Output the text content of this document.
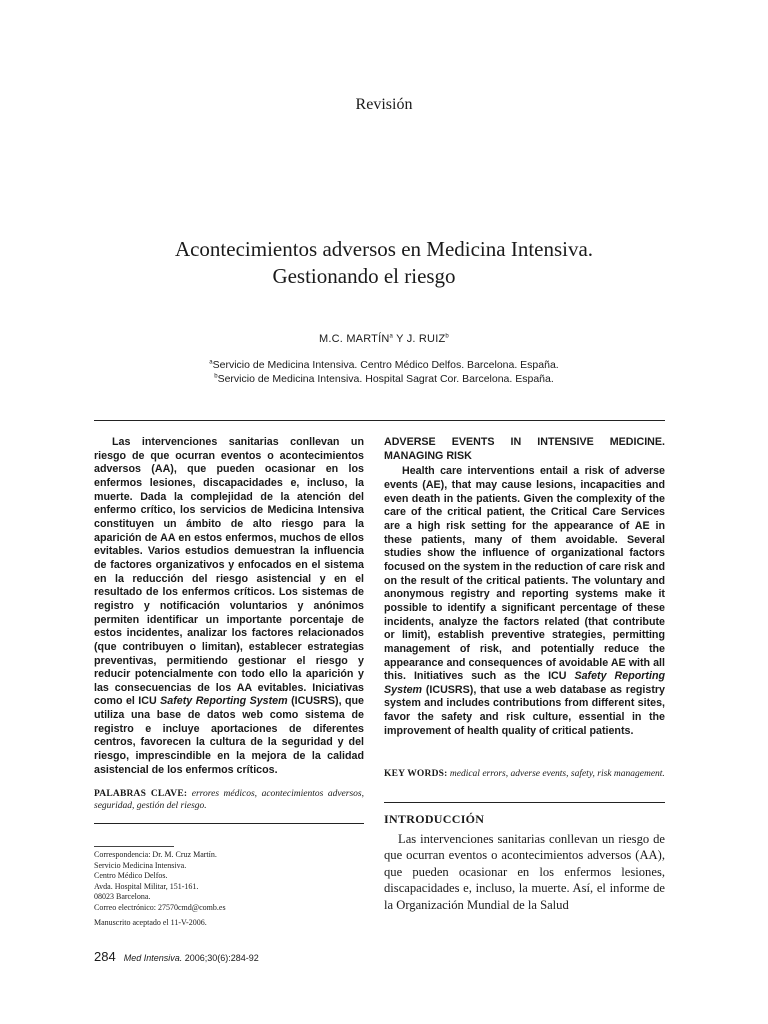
Revisión
Acontecimientos adversos en Medicina Intensiva.
Gestionando el riesgo
M.C. MARTÍN$^a$ Y J. RUIZ$^b$
$^a$Servicio de Medicina Intensiva. Centro Médico Delfos. Barcelona. España.
$^b$Servicio de Medicina Intensiva. Hospital Sagrat Cor. Barcelona. España.

Las intervenciones sanitarias conllevan un riesgo de que ocurran eventos o acontecimientos adversos (AA), que pueden ocasionar en los enfermos lesiones, discapacidades e, incluso, la muerte. Dada la complejidad de la atención del enfermo crítico, los servicios de Medicina Intensiva constituyen un ámbito de alto riesgo para la aparición de AA en estos enfermos, muchos de ellos evitables. Varios estudios demuestran la influencia de factores organizativos y enfocados en el sistema en la reducción del riesgo asistencial y en el resultado de los enfermos críticos. Los sistemas de registro y notificación voluntarios y anónimos permiten identificar un importante porcentaje de estos incidentes, analizar los factores relacionados (que contribuyen o limitan), establecer estrategias preventivas, permitiendo gestionar el riesgo y reducir potencialmente con todo ello la aparición y las consecuencias de los AA evitables. Iniciativas como el ICU Safety Reporting System (ICUSRS), que utiliza una base de datos web como sistema de registro e incluye aportaciones de diferentes centros, favorecen la cultura de la seguridad y del riesgo, imprescindible en la mejora de la calidad asistencial de los enfermos críticos.

PALABRAS CLAVE: errores médicos, acontecimientos adversos, seguridad, gestión del riesgo.

ADVERSE EVENTS IN INTENSIVE MEDICINE. MANAGING RISK

Health care interventions entail a risk of adverse events (AE), that may cause lesions, incapacities and even death in the patients. Given the complexity of the care of the critical patient, the Critical Care Services are a high risk setting for the appearance of AE in these patients, many of them avoidable. Several studies show the influence of organizational factors focused on the system in the reduction of care risk and on the result of the critical patients. The voluntary and anonymous registry and reporting systems make it possible to identify a significant percentage of these incidents, analyze the factors related (that contribute or limit), establish preventive strategies, permitting management of risk, and potentially reduce the appearance and consequences of avoidable AE with all this. Initiatives such as the ICU Safety Reporting System (ICUSRS), that use a web database as registry system and includes contributions from different sites, favor the safety and risk culture, essential in the improvement of health quality of critical patients.

KEY WORDS: medical errors, adverse events, safety, risk management.
Correspondencia: Dr. M. Cruz Martín.
Servicio Medicina Intensiva.
Centro Médico Delfos.
Avda. Hospital Militar, 151-161.
08023 Barcelona.
Correo electrónico: 27570cmd@comb.es
Manuscrito aceptado el 11-V-2006.
INTRODUCCIÓN

Las intervenciones sanitarias conllevan un riesgo de que ocurran eventos o acontecimientos adversos (AA), que pueden ocasionar en los enfermos lesiones, discapacidades e, incluso, la muerte. Así, el informe de la Organización Mundial de la Salud

284 Med Intensiva. 2006;30(6):284-92
